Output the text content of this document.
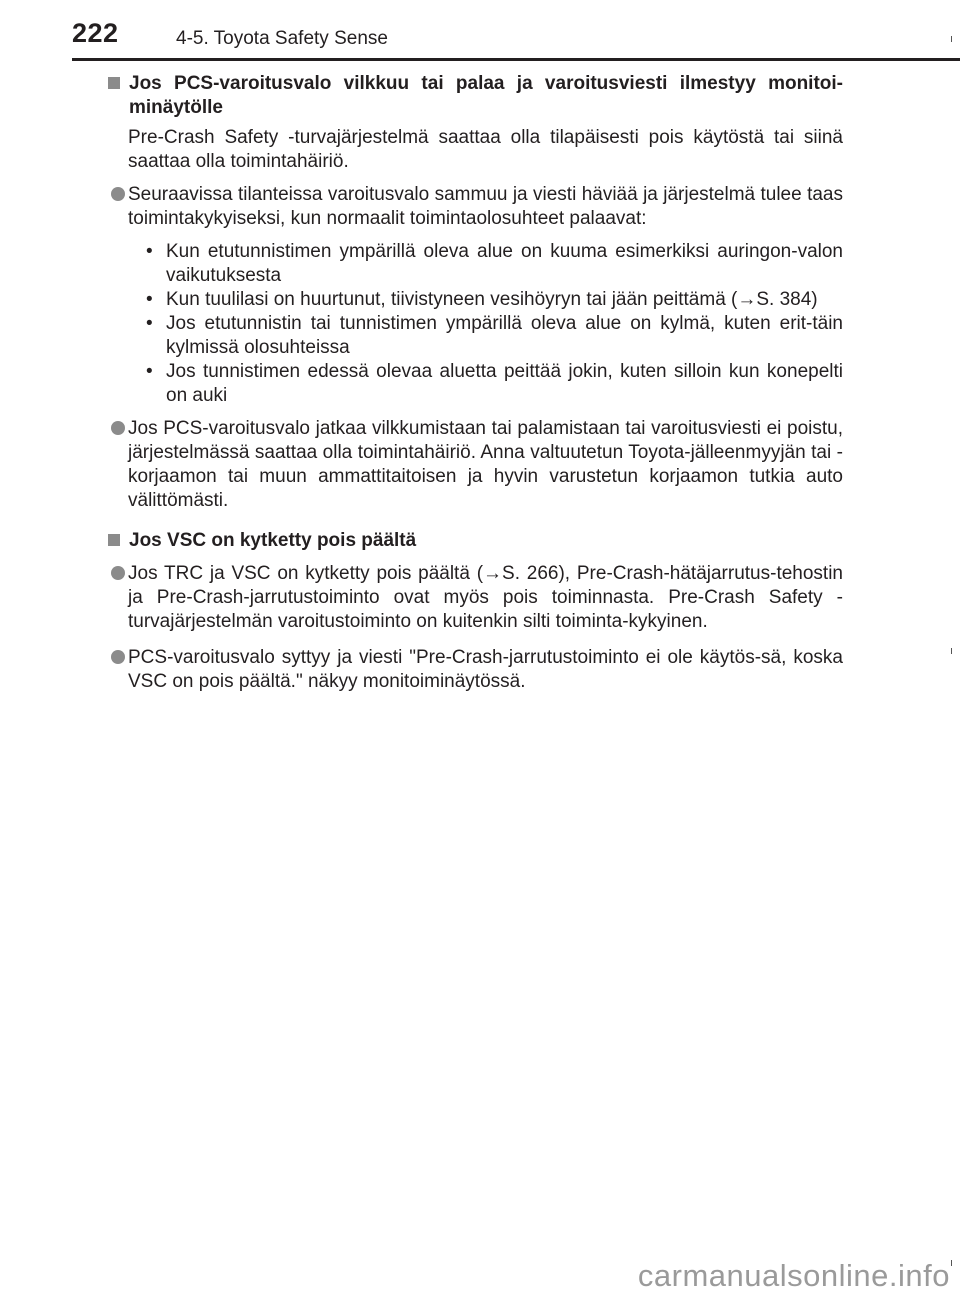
222	4-5. Toyota Safety Sense
Jos PCS-varoitusvalo vilkkuu tai palaa ja varoitusviesti ilmestyy monitoi-minäytölle
Pre-Crash Safety -turvajärjestelmä saattaa olla tilapäisesti pois käytöstä tai siinä saattaa olla toimintahäiriö.
Seuraavissa tilanteissa varoitusvalo sammuu ja viesti häviää ja järjestelmä tulee taas toimintakykyiseksi, kun normaalit toimintaolosuhteet palaavat:
• Kun etutunnistimen ympärillä oleva alue on kuuma esimerkiksi auringon-valon vaikutuksesta
• Kun tuulilasi on huurtunut, tiivistyneen vesihöyryn tai jään peittämä (→S. 384)
• Jos etutunnistin tai tunnistimen ympärillä oleva alue on kylmä, kuten erit-täin kylmissä olosuhteissa
• Jos tunnistimen edessä olevaa aluetta peittää jokin, kuten silloin kun konepelti on auki
Jos PCS-varoitusvalo jatkaa vilkkumistaan tai palamistaan tai varoitusviesti ei poistu, järjestelmässä saattaa olla toimintahäiriö. Anna valtuutetun Toyota-jälleenmyyjän tai -korjaamon tai muun ammattitaitoisen ja hyvin varustetun korjaamon tutkia auto välittömästi.
Jos VSC on kytketty pois päältä
Jos TRC ja VSC on kytketty pois päältä (→S. 266), Pre-Crash-hätäjarrutus-tehostin ja Pre-Crash-jarrutustoiminto ovat myös pois toiminnasta. Pre-Crash Safety -turvajärjestelmän varoitustoiminto on kuitenkin silti toiminta-kykyinen.
PCS-varoitusvalo syttyy ja viesti "Pre-Crash-jarrutustoiminto ei ole käytös-sä, koska VSC on pois päältä." näkyy monitoiminäytössä.
carmanualsonline.info
